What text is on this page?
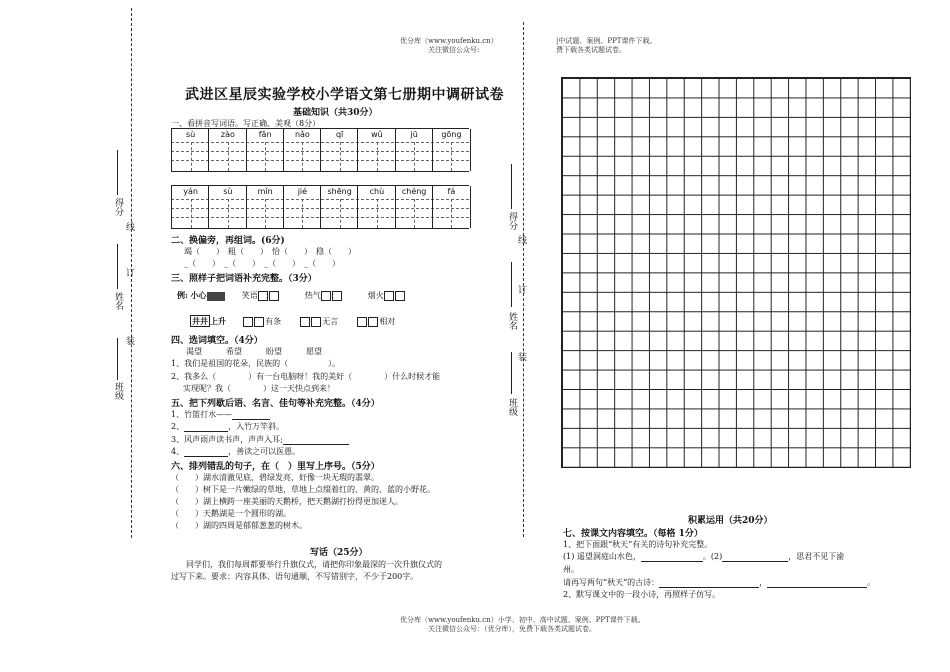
得分
线
订
姓名
装
班级
得分
线
订
姓名
装
班级
优分库（www.youfenku.cn）
关注微信公众号:
|中试题、案例、PPT课件下载。
费下载各类试题试卷。
武进区星辰实验学校小学语文第七册期中调研试卷
基础知识（共30分）
一、看拼音写词语。写正确、美观（8分）
sù	zào	fān	nǎo	qī	wǔ	jū	gōng
yán	sù	mǐn	jié	shēng	chù	chéng	fá
二、换偏旁，再组词。(6分)
竭（　　）　粗（　　）　恰（　　）　稳（　　）
_（　　）　_（　　）　_（　　）　_（　　）
三、照样子把词语补充完整。（3分）
例: 小心	笑语	热气	烟火
井井 上升	有条	无言	相对
四、选词填空。（4分）
渴望　　　希望　　　盼望　　　愿望
1、我们是祖国的花朵，民族的（　　　　　）。
2、我多么（　　　　）有一台电脑呀！我的美好（　　　　）什么时候才能
实现呢？我（　　　　）这一天快点到来！
五、把下列歇后语、名言、佳句等补充完整。（4分）
1、竹篮打水——
2、	，入竹万竿斜。
3、风声雨声读书声，声声入耳;
4、	，善读之可以医愚。
六、排列错乱的句子，在（　）里写上序号。（5分）
（　　）湖水清澈见底，碧绿发亮，好像一块无瑕的翡翠。
（　　）树下是一片嫩绿的草地，草地上点缀着红的、黄的、蓝的小野花。
（　　）湖上横跨一座美丽的天鹅桥，把天鹅湖打扮得更加迷人。
（　　）天鹅湖是一个圆形的湖。
（　　）湖的四周是郁郁葱葱的树木。
写话（25分）
同学们，我们每周都要举行升旗仪式，请把你印象最深的一次升旗仪式的
过写下来。要求：内容具体、语句通顺，不写错别字，不少于200字。
积累运用（共20分）
七、按课文内容填空。（每格 1分）
1、把下面跟“秋天”有关的诗句补充完整。
(1) 遥望洞庭山水色，	。(2)	，思君不见下渝
州。
请再写两句“秋天”的古诗：	，	。
2、默写课文中的一段小诗，再照样子仿写。
优分库（www.youfenku.cn）小学、初中、高中试题、案例、PPT课件下载。
关注微信公众号：（优分库），免费下载各类试题试卷。
